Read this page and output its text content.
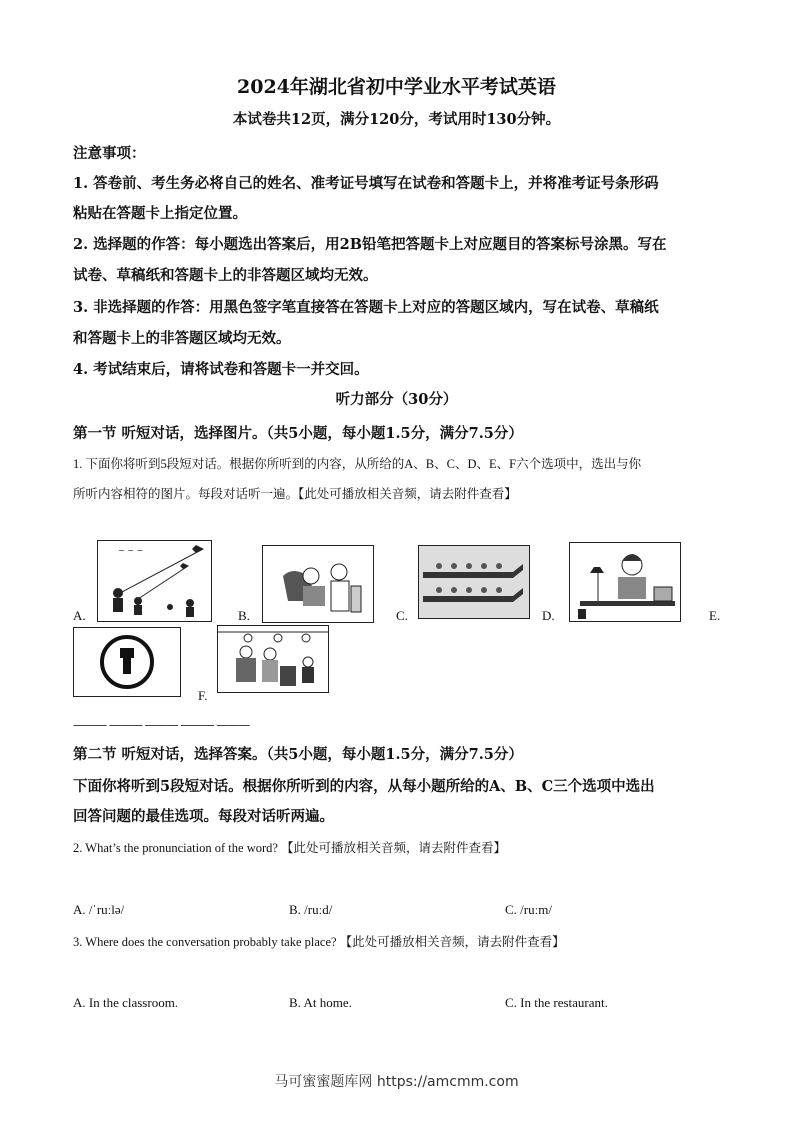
2024年湖北省初中学业水平考试英语
本试卷共12页，满分120分，考试用时130分钟。
注意事项：
1. 答卷前、考生务必将自己的姓名、准考证号填写在试卷和答题卡上，并将准考证号条形码
粘贴在答题卡上指定位置。
2. 选择题的作答：每小题选出答案后，用2B铅笔把答题卡上对应题目的答案标号涂黑。写在
试卷、草稿纸和答题卡上的非答题区域均无效。
3. 非选择题的作答：用黑色签字笔直接答在答题卡上对应的答题区域内，写在试卷、草稿纸
和答题卡上的非答题区域均无效。
4. 考试结束后，请将试卷和答题卡一并交回。
听力部分（30分）
第一节 听短对话，选择图片。（共5小题，每小题1.5分，满分7.5分）
1. 下面你将听到5段短对话。根据你所听到的内容，从所给的A、B、C、D、E、F六个选项中，选出与你
所听内容相符的图片。每段对话听一遍。【此处可播放相关音频，请去附件查看】
~ ~ ~
A.	B.	C.	D.	E.
F.
——— ——— ——— ——— ———
第二节 听短对话，选择答案。（共5小题，每小题1.5分，满分7.5分）
下面你将听到5段短对话。根据你所听到的内容，从每小题所给的A、B、C三个选项中选出
回答问题的最佳选项。每段对话听两遍。
2. What’s the pronunciation of the word? 【此处可播放相关音频，请去附件查看】
A. /ˈruːlə/	B. /ruːd/	C. /ruːm/
3. Where does the conversation probably take place? 【此处可播放相关音频，请去附件查看】
A. In the classroom.	B. At home.	C. In the restaurant.
马可蜜蜜题库网 https://amcmm.com
